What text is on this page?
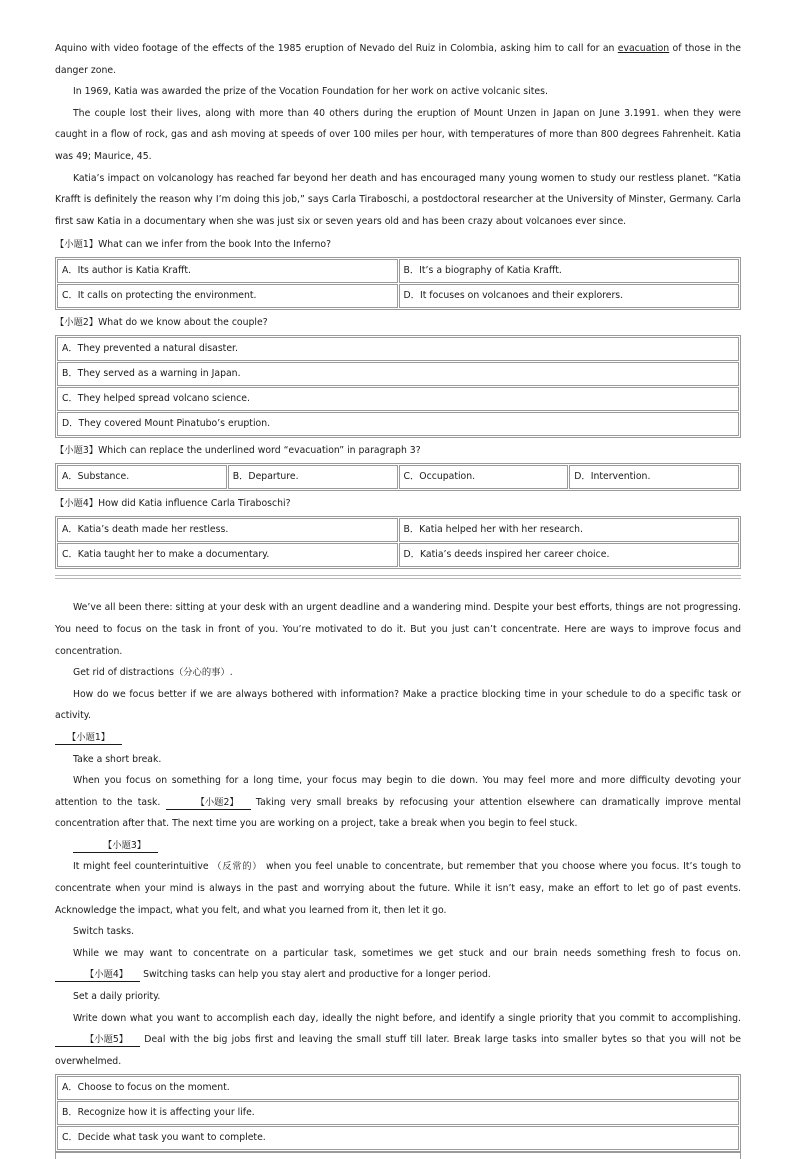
Aquino with video footage of the effects of the 1985 eruption of Nevado del Ruiz in Colombia, asking him to call for an evacuation of those in the danger zone.

In 1969, Katia was awarded the prize of the Vocation Foundation for her work on active volcanic sites.

The couple lost their lives, along with more than 40 others during the eruption of Mount Unzen in Japan on June 3.1991. when they were caught in a flow of rock, gas and ash moving at speeds of over 100 miles per hour, with temperatures of more than 800 degrees Fahrenheit. Katia was 49; Maurice, 45.

Katia’s impact on volcanology has reached far beyond her death and has encouraged many young women to study our restless planet. “Katia Krafft is definitely the reason why I’m doing this job,” says Carla Tiraboschi, a postdoctoral researcher at the University of Minster, Germany. Carla first saw Katia in a documentary when she was just six or seven years old and has been crazy about volcanoes ever since.

【小题1】What can we infer from the book Into the Inferno?

A．Its author is Katia Krafft.	B．It’s a biography of Katia Krafft.
C．It calls on protecting the environment.	D．It focuses on volcanoes and their explorers.

【小题2】What do we know about the couple?

A．They prevented a natural disaster.
B．They served as a warning in Japan.
C．They helped spread volcano science.
D．They covered Mount Pinatubo’s eruption.

【小题3】Which can replace the underlined word “evacuation” in paragraph 3?

A．Substance.	B．Departure.	C．Occupation.	D．Intervention.

【小题4】How did Katia influence Carla Tiraboschi?

A．Katia’s death made her restless.	B．Katia helped her with her research.
C．Katia taught her to make a documentary.	D．Katia’s deeds inspired her career choice.

We’ve all been there: sitting at your desk with an urgent deadline and a wandering mind. Despite your best efforts, things are not progressing. You need to focus on the task in front of you. You’re motivated to do it. But you just can’t concentrate. Here are ways to improve focus and concentration.

Get rid of distractions（分心的事）.

How do we focus better if we are always bothered with information? Make a practice blocking time in your schedule to do a specific task or activity.

【小题1】

Take a short break.

When you focus on something for a long time, your focus may begin to die down. You may feel more and more difficulty devoting your attention to the task.	【小题2】 Taking very small breaks by refocusing your attention elsewhere can dramatically improve mental concentration after that. The next time you are working on a project, take a break when you begin to feel stuck.

【小题3】

It might feel counterintuitive （反常的） when you feel unable to concentrate, but remember that you choose where you focus. It’s tough to concentrate when your mind is always in the past and worrying about the future. While it isn’t easy, make an effort to let go of past events. Acknowledge the impact, what you felt, and what you learned from it, then let it go.

Switch tasks.

While we may want to concentrate on a particular task, sometimes we get stuck and our brain needs something fresh to focus on. 【小题4】 Switching tasks can help you stay alert and productive for a longer period.

Set a daily priority.

Write down what you want to accomplish each day, ideally the night before, and identify a single priority that you commit to accomplishing. 【小题5】 Deal with the big jobs first and leaving the small stuff till later. Break large tasks into smaller bytes so that you will not be overwhelmed.

A．Choose to focus on the moment.
B．Recognize how it is affecting your life.
C．Decide what task you want to complete.
